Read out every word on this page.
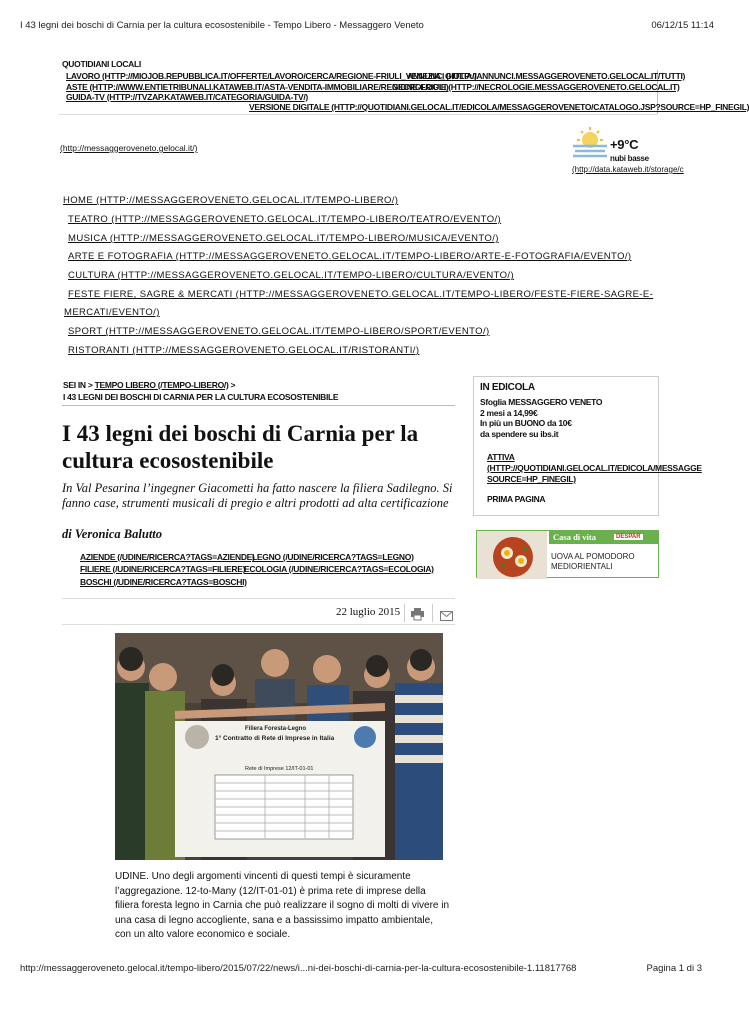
I 43 legni dei boschi di Carnia per la cultura ecosostenibile - Tempo Libero - Messaggero Veneto	06/12/15 11:14
QUOTIDIANI LOCALI
LAVORO (HTTP://MIOJOB.REPUBBLICA.IT/OFFERTE/LAVORO/CERCA/REGIONE-FRIULI_VENEZIA_GIULIA/)
ANNUNCI (HTTP://ANNUNCI.MESSAGGEROVENETO.GELOCAL.IT/TUTTI)
ASTE (HTTP://WWW.ENTIETRIBUNALI.KATAWEB.IT/ASTA-VENDITA-IMMOBILIARE/REGIONE-FRIULI)
NECROLOGIE (HTTP://NECROLOGIE.MESSAGGEROVENETO.GELOCAL.IT)
GUIDA-TV (HTTP://TVZAP.KATAWEB.IT/CATEGORIA/GUIDA-TV/)
VERSIONE DIGITALE (HTTP://QUOTIDIANI.GELOCAL.IT/EDICOLA/MESSAGGEROVENETO/CATALOGO.JSP?SOURCE=HP_FINEGIL)
(http://messaggeroveneto.gelocal.it/)	+9°C
nubi basse
(http://data.kataweb.it/storage/c
HOME (HTTP://MESSAGGEROVENETO.GELOCAL.IT/TEMPO-LIBERO/)
TEATRO (HTTP://MESSAGGEROVENETO.GELOCAL.IT/TEMPO-LIBERO/TEATRO/EVENTO/)
MUSICA (HTTP://MESSAGGEROVENETO.GELOCAL.IT/TEMPO-LIBERO/MUSICA/EVENTO/)
ARTE E FOTOGRAFIA (HTTP://MESSAGGEROVENETO.GELOCAL.IT/TEMPO-LIBERO/ARTE-E-FOTOGRAFIA/EVENTO/)
CULTURA (HTTP://MESSAGGEROVENETO.GELOCAL.IT/TEMPO-LIBERO/CULTURA/EVENTO/)
FESTE FIERE, SAGRE & MERCATI (HTTP://MESSAGGEROVENETO.GELOCAL.IT/TEMPO-LIBERO/FESTE-FIERE-SAGRE-E-
MERCATI/EVENTO/)
SPORT (HTTP://MESSAGGEROVENETO.GELOCAL.IT/TEMPO-LIBERO/SPORT/EVENTO/)
RISTORANTI (HTTP://MESSAGGEROVENETO.GELOCAL.IT/RISTORANTI/)
SEI IN > TEMPO LIBERO (/TEMPO-LIBERO/) >
I 43 LEGNI DEI BOSCHI DI CARNIA PER LA CULTURA ECOSOSTENIBILE
I 43 legni dei boschi di Carnia per la cultura ecosostenibile
In Val Pesarina l’ingegner Giacometti ha fatto nascere la filiera Sadilegno. Si fanno case, strumenti musicali di pregio e altri prodotti ad alta certificazione
di Veronica Balutto
AZIENDE (/UDINE/RICERCA?TAGS=AZIENDE)
LEGNO (/UDINE/RICERCA?TAGS=LEGNO)
FILIERE (/UDINE/RICERCA?TAGS=FILIERE)
ECOLOGIA (/UDINE/RICERCA?TAGS=ECOLOGIA)
BOSCHI (/UDINE/RICERCA?TAGS=BOSCHI)
22 luglio 2015
Filiera Foresta-Legno
1° Contratto di Rete di Imprese in Italia
Rete di Imprese 12/IT-01-01
UDINE. Uno degli argomenti vincenti di questi tempi è sicuramente l’aggregazione. 12-to-Many (12/IT-01-01) è prima rete di imprese della filiera foresta legno in Carnia che può realizzare il sogno di molti di vivere in una casa di legno accogliente, sana e a bassissimo impatto ambientale, con un alto valore economico e sociale.
IN EDICOLA
Sfoglia MESSAGGERO VENETO
2 mesi a 14,99€
In più un BUONO da 10€
da spendere su ibs.it
ATTIVA
(HTTP://QUOTIDIANI.GELOCAL.IT/EDICOLA/MESSAGGE
SOURCE=HP_FINEGIL)
PRIMA PAGINA
Casa di vita	DESPAR
UOVA AL POMODORO
MEDIORIENTALI
http://messaggeroveneto.gelocal.it/tempo-libero/2015/07/22/news/i...ni-dei-boschi-di-carnia-per-la-cultura-ecosostenibile-1.11817768	Pagina 1 di 3
